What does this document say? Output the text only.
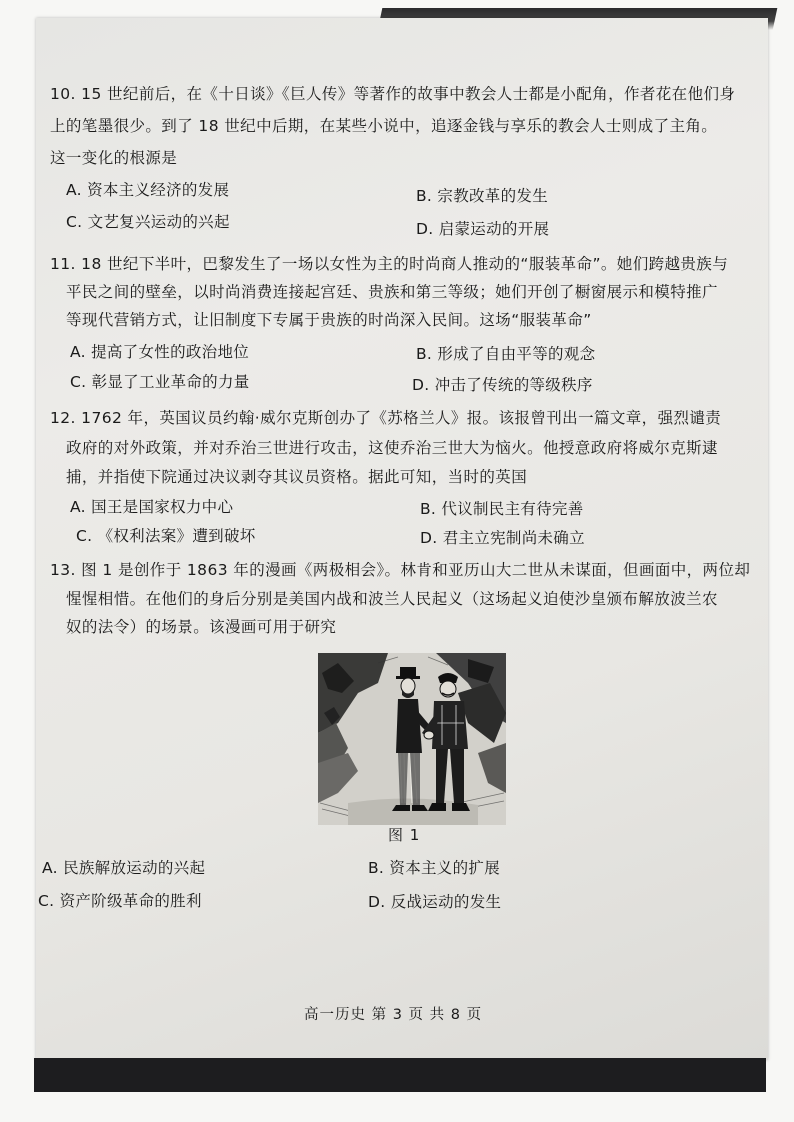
10. 15 世纪前后，在《十日谈》《巨人传》等著作的故事中教会人士都是小配角，作者花在他们身
上的笔墨很少。到了 18 世纪中后期，在某些小说中，追逐金钱与享乐的教会人士则成了主角。
这一变化的根源是
A. 资本主义经济的发展	B. 宗教改革的发生
C. 文艺复兴运动的兴起	D. 启蒙运动的开展
11. 18 世纪下半叶，巴黎发生了一场以女性为主的时尚商人推动的“服装革命”。她们跨越贵族与
平民之间的壁垒，以时尚消费连接起宫廷、贵族和第三等级；她们开创了橱窗展示和模特推广
等现代营销方式，让旧制度下专属于贵族的时尚深入民间。这场“服装革命”
A. 提高了女性的政治地位	B. 形成了自由平等的观念
C. 彰显了工业革命的力量	D. 冲击了传统的等级秩序
12. 1762 年，英国议员约翰·威尔克斯创办了《苏格兰人》报。该报曾刊出一篇文章，强烈谴责
政府的对外政策，并对乔治三世进行攻击，这使乔治三世大为恼火。他授意政府将威尔克斯逮
捕，并指使下院通过决议剥夺其议员资格。据此可知，当时的英国
A. 国王是国家权力中心	B. 代议制民主有待完善
C. 《权利法案》遭到破坏	D. 君主立宪制尚未确立
13. 图 1 是创作于 1863 年的漫画《两极相会》。林肯和亚历山大二世从未谋面，但画面中，两位却
惺惺相惜。在他们的身后分别是美国内战和波兰人民起义（这场起义迫使沙皇颁布解放波兰农
奴的法令）的场景。该漫画可用于研究
图 1
A. 民族解放运动的兴起	B. 资本主义的扩展
C. 资产阶级革命的胜利	D. 反战运动的发生
高一历史 第 3 页 共 8 页
